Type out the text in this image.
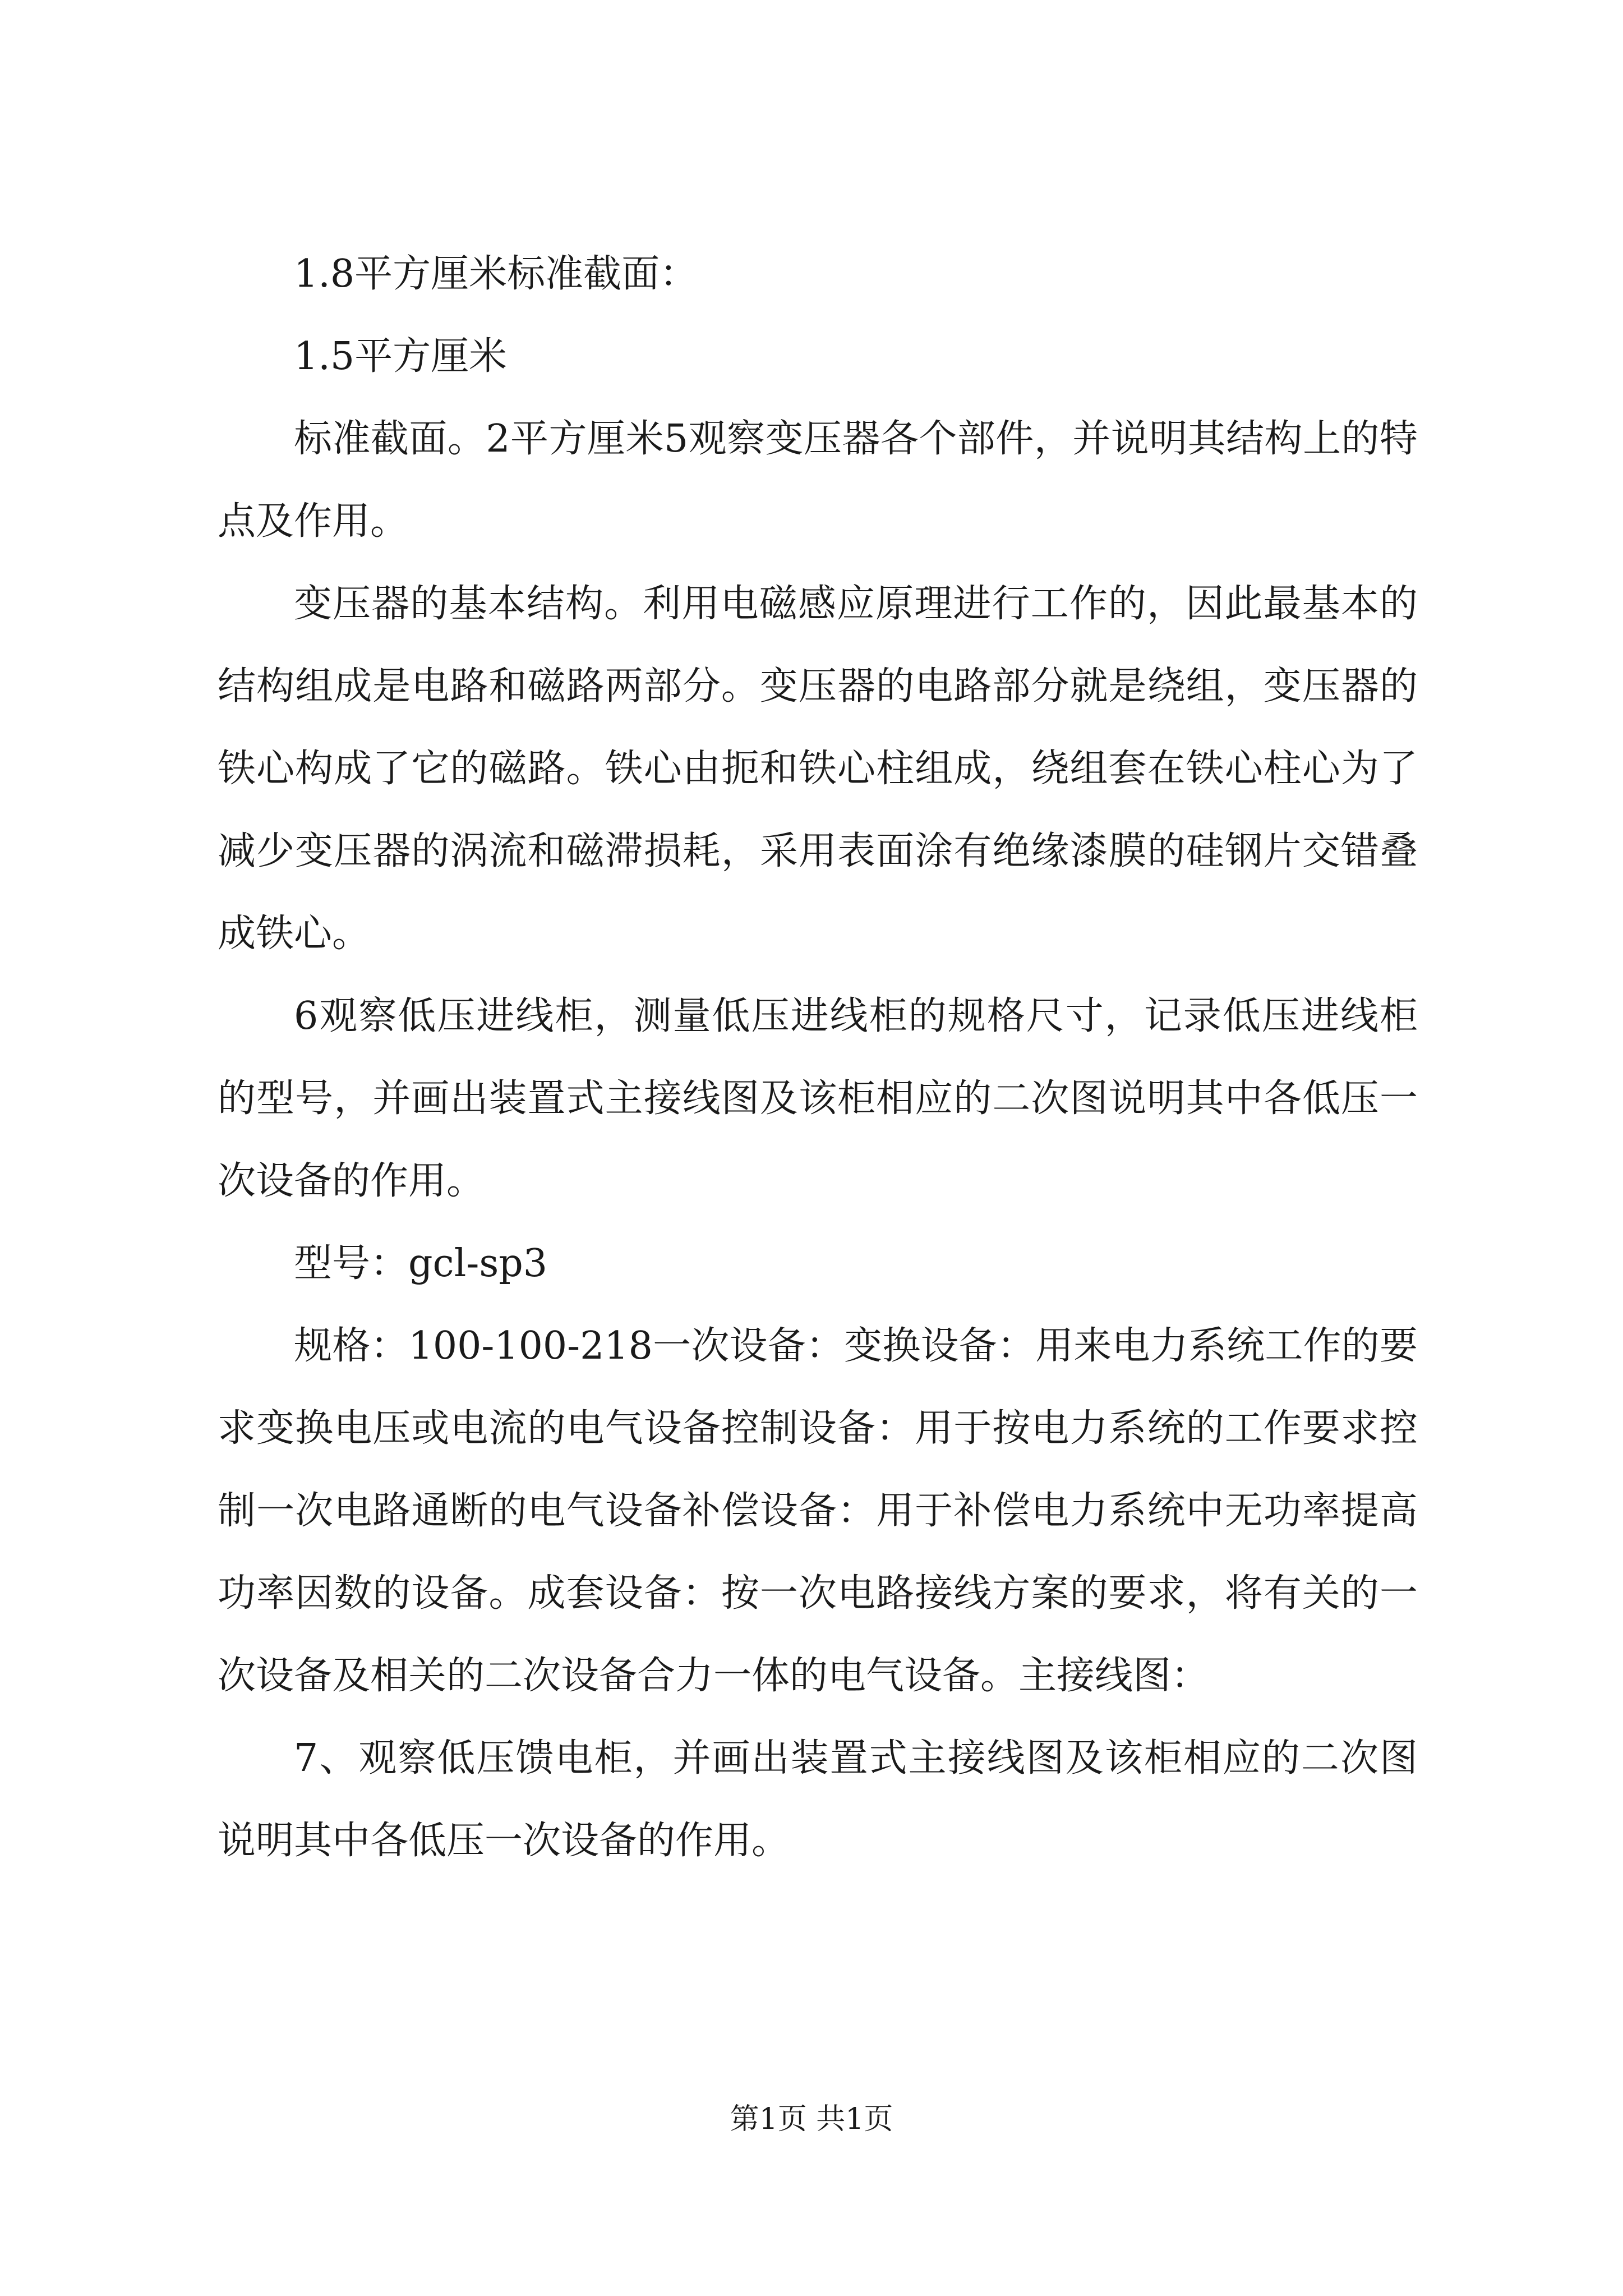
1.8平方厘米标准截面：

1.5平方厘米

标准截面。2平方厘米5观察变压器各个部件，并说明其结构上的特点及作用。

变压器的基本结构。利用电磁感应原理进行工作的，因此最基本的结构组成是电路和磁路两部分。变压器的电路部分就是绕组，变压器的铁心构成了它的磁路。铁心由扼和铁心柱组成，绕组套在铁心柱心为了减少变压器的涡流和磁滞损耗，采用表面涂有绝缘漆膜的硅钢片交错叠成铁心。

6观察低压进线柜，测量低压进线柜的规格尺寸，记录低压进线柜的型号，并画出装置式主接线图及该柜相应的二次图说明其中各低压一次设备的作用。

型号：gcl-sp3

规格：100-100-218一次设备：变换设备：用来电力系统工作的要求变换电压或电流的电气设备控制设备：用于按电力系统的工作要求控制一次电路通断的电气设备补偿设备：用于补偿电力系统中无功率提高功率因数的设备。成套设备：按一次电路接线方案的要求，将有关的一次设备及相关的二次设备合力一体的电气设备。主接线图：

7、观察低压馈电柜，并画出装置式主接线图及该柜相应的二次图说明其中各低压一次设备的作用。

第1页 共1页
